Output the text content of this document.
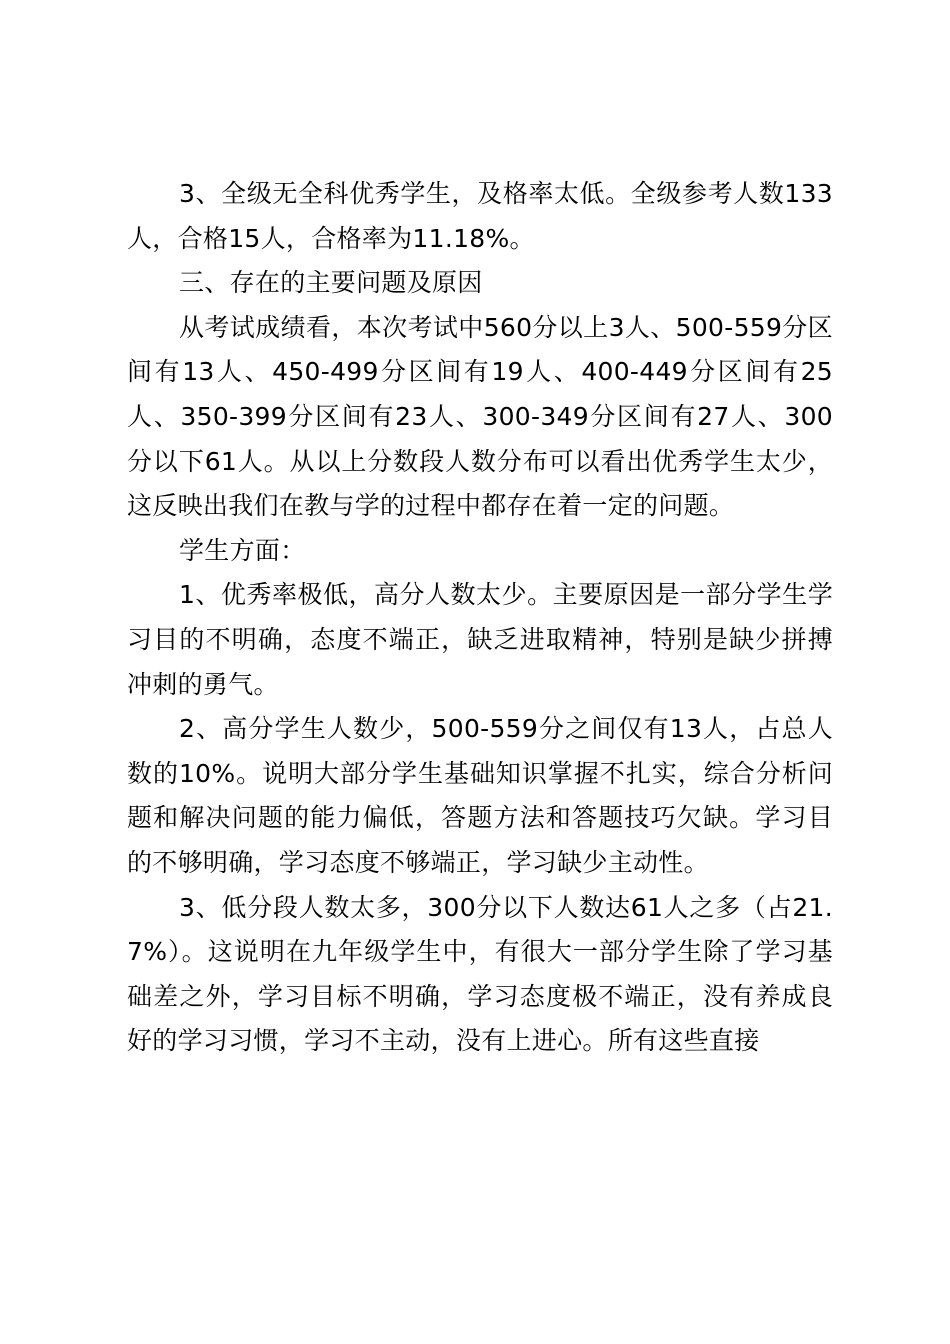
3、全级无全科优秀学生，及格率太低。全级参考人数133人，合格15人，合格率为11.18%。

三、存在的主要问题及原因

从考试成绩看，本次考试中560分以上3人、500-559分区间有13人、450-499分区间有19人、400-449分区间有25人、350-399分区间有23人、300-349分区间有27人、300分以下61人。从以上分数段人数分布可以看出优秀学生太少，这反映出我们在教与学的过程中都存在着一定的问题。

学生方面：

1、优秀率极低，高分人数太少。主要原因是一部分学生学习目的不明确，态度不端正，缺乏进取精神，特别是缺少拼搏冲刺的勇气。

2、高分学生人数少，500-559分之间仅有13人，占总人数的10%。说明大部分学生基础知识掌握不扎实，综合分析问题和解决问题的能力偏低，答题方法和答题技巧欠缺。学习目的不够明确，学习态度不够端正，学习缺少主动性。

3、低分段人数太多，300分以下人数达61人之多（占21.7%）。这说明在九年级学生中，有很大一部分学生除了学习基础差之外，学习目标不明确，学习态度极不端正，没有养成良好的学习习惯，学习不主动，没有上进心。所有这些直接
